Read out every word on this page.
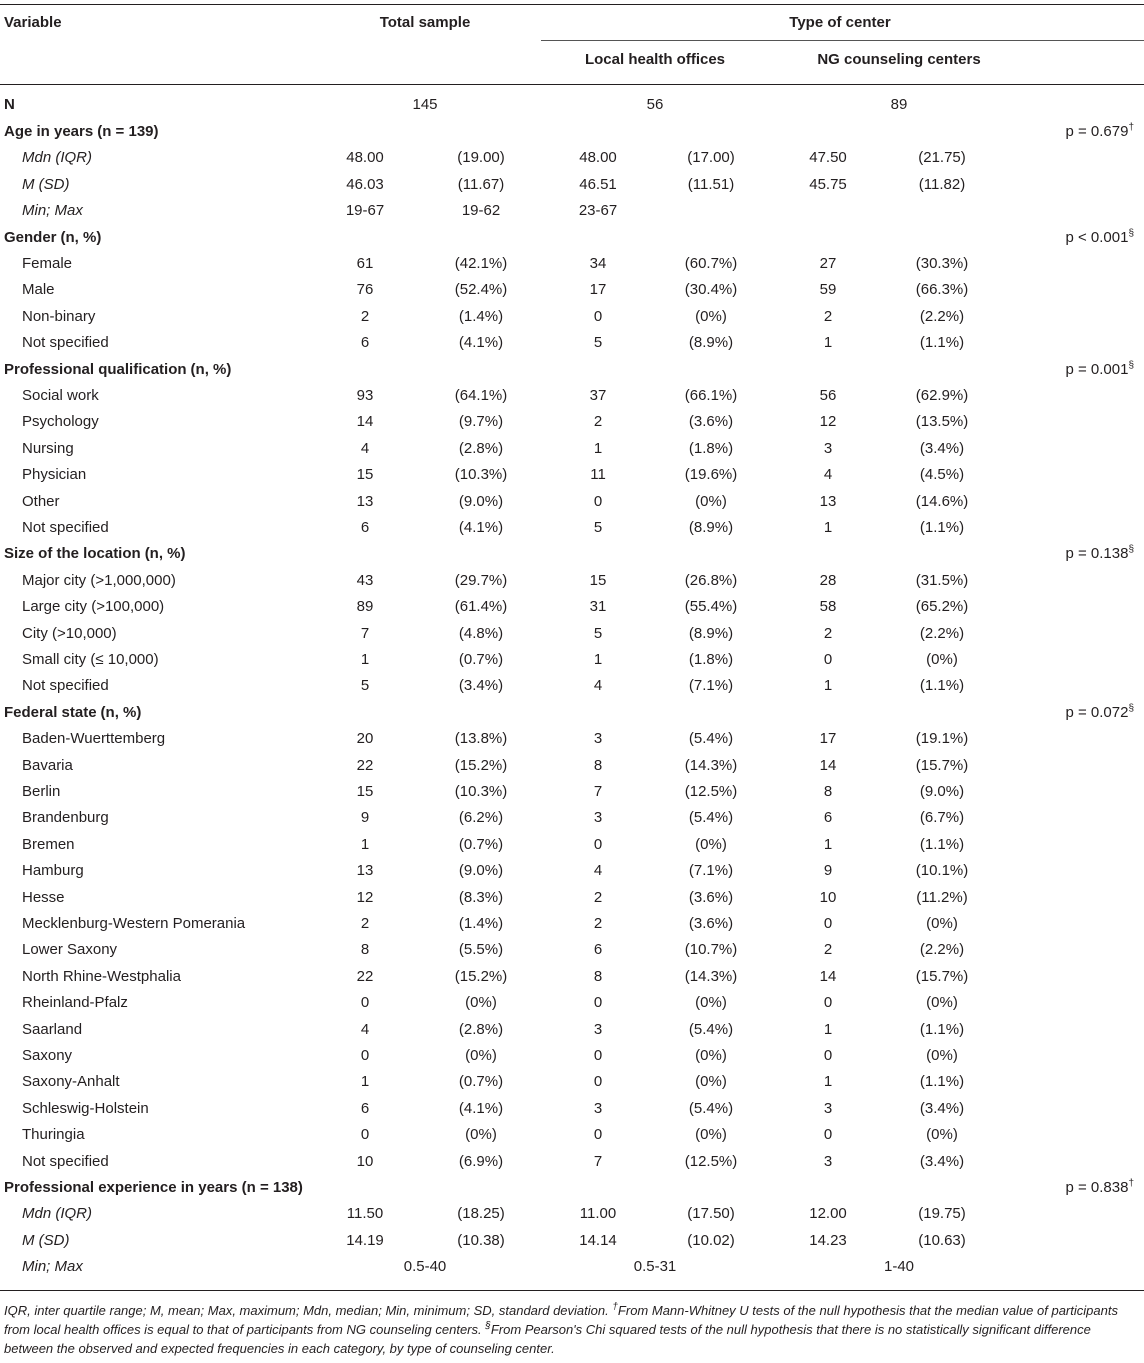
Variable	Total sample	Type of center
Local health offices	NG counseling centers
N	145	56	89
Age in years (n = 139)	p = 0.679†
Mdn (IQR)	48.00	(19.00)	48.00	(17.00)	47.50	(21.75)
M (SD)	46.03	(11.67)	46.51	(11.51)	45.75	(11.82)
Min; Max	19-67	19-62	23-67
Gender (n, %)	p < 0.001§
Female	61	(42.1%)	34	(60.7%)	27	(30.3%)
Male	76	(52.4%)	17	(30.4%)	59	(66.3%)
Non-binary	2	(1.4%)	0	(0%)	2	(2.2%)
Not specified	6	(4.1%)	5	(8.9%)	1	(1.1%)
Professional qualification (n, %)	p = 0.001§
Social work	93	(64.1%)	37	(66.1%)	56	(62.9%)
Psychology	14	(9.7%)	2	(3.6%)	12	(13.5%)
Nursing	4	(2.8%)	1	(1.8%)	3	(3.4%)
Physician	15	(10.3%)	11	(19.6%)	4	(4.5%)
Other	13	(9.0%)	0	(0%)	13	(14.6%)
Not specified	6	(4.1%)	5	(8.9%)	1	(1.1%)
Size of the location (n, %)	p = 0.138§
Major city (>1,000,000)	43	(29.7%)	15	(26.8%)	28	(31.5%)
Large city (>100,000)	89	(61.4%)	31	(55.4%)	58	(65.2%)
City (>10,000)	7	(4.8%)	5	(8.9%)	2	(2.2%)
Small city (≤ 10,000)	1	(0.7%)	1	(1.8%)	0	(0%)
Not specified	5	(3.4%)	4	(7.1%)	1	(1.1%)
Federal state (n, %)	p = 0.072§
Baden-Wuerttemberg	20	(13.8%)	3	(5.4%)	17	(19.1%)
Bavaria	22	(15.2%)	8	(14.3%)	14	(15.7%)
Berlin	15	(10.3%)	7	(12.5%)	8	(9.0%)
Brandenburg	9	(6.2%)	3	(5.4%)	6	(6.7%)
Bremen	1	(0.7%)	0	(0%)	1	(1.1%)
Hamburg	13	(9.0%)	4	(7.1%)	9	(10.1%)
Hesse	12	(8.3%)	2	(3.6%)	10	(11.2%)
Mecklenburg-Western Pomerania	2	(1.4%)	2	(3.6%)	0	(0%)
Lower Saxony	8	(5.5%)	6	(10.7%)	2	(2.2%)
North Rhine-Westphalia	22	(15.2%)	8	(14.3%)	14	(15.7%)
Rheinland-Pfalz	0	(0%)	0	(0%)	0	(0%)
Saarland	4	(2.8%)	3	(5.4%)	1	(1.1%)
Saxony	0	(0%)	0	(0%)	0	(0%)
Saxony-Anhalt	1	(0.7%)	0	(0%)	1	(1.1%)
Schleswig-Holstein	6	(4.1%)	3	(5.4%)	3	(3.4%)
Thuringia	0	(0%)	0	(0%)	0	(0%)
Not specified	10	(6.9%)	7	(12.5%)	3	(3.4%)
Professional experience in years (n = 138)	p = 0.838†
Mdn (IQR)	11.50	(18.25)	11.00	(17.50)	12.00	(19.75)
M (SD)	14.19	(10.38)	14.14	(10.02)	14.23	(10.63)
Min; Max	0.5-40	0.5-31	1-40
IQR, inter quartile range; M, mean; Max, maximum; Mdn, median; Min, minimum; SD, standard deviation. †From Mann-Whitney U tests of the null hypothesis that the median value of participants from local health offices is equal to that of participants from NG counseling centers. §From Pearson's Chi squared tests of the null hypothesis that there is no statistically significant difference between the observed and expected frequencies in each category, by type of counseling center.
